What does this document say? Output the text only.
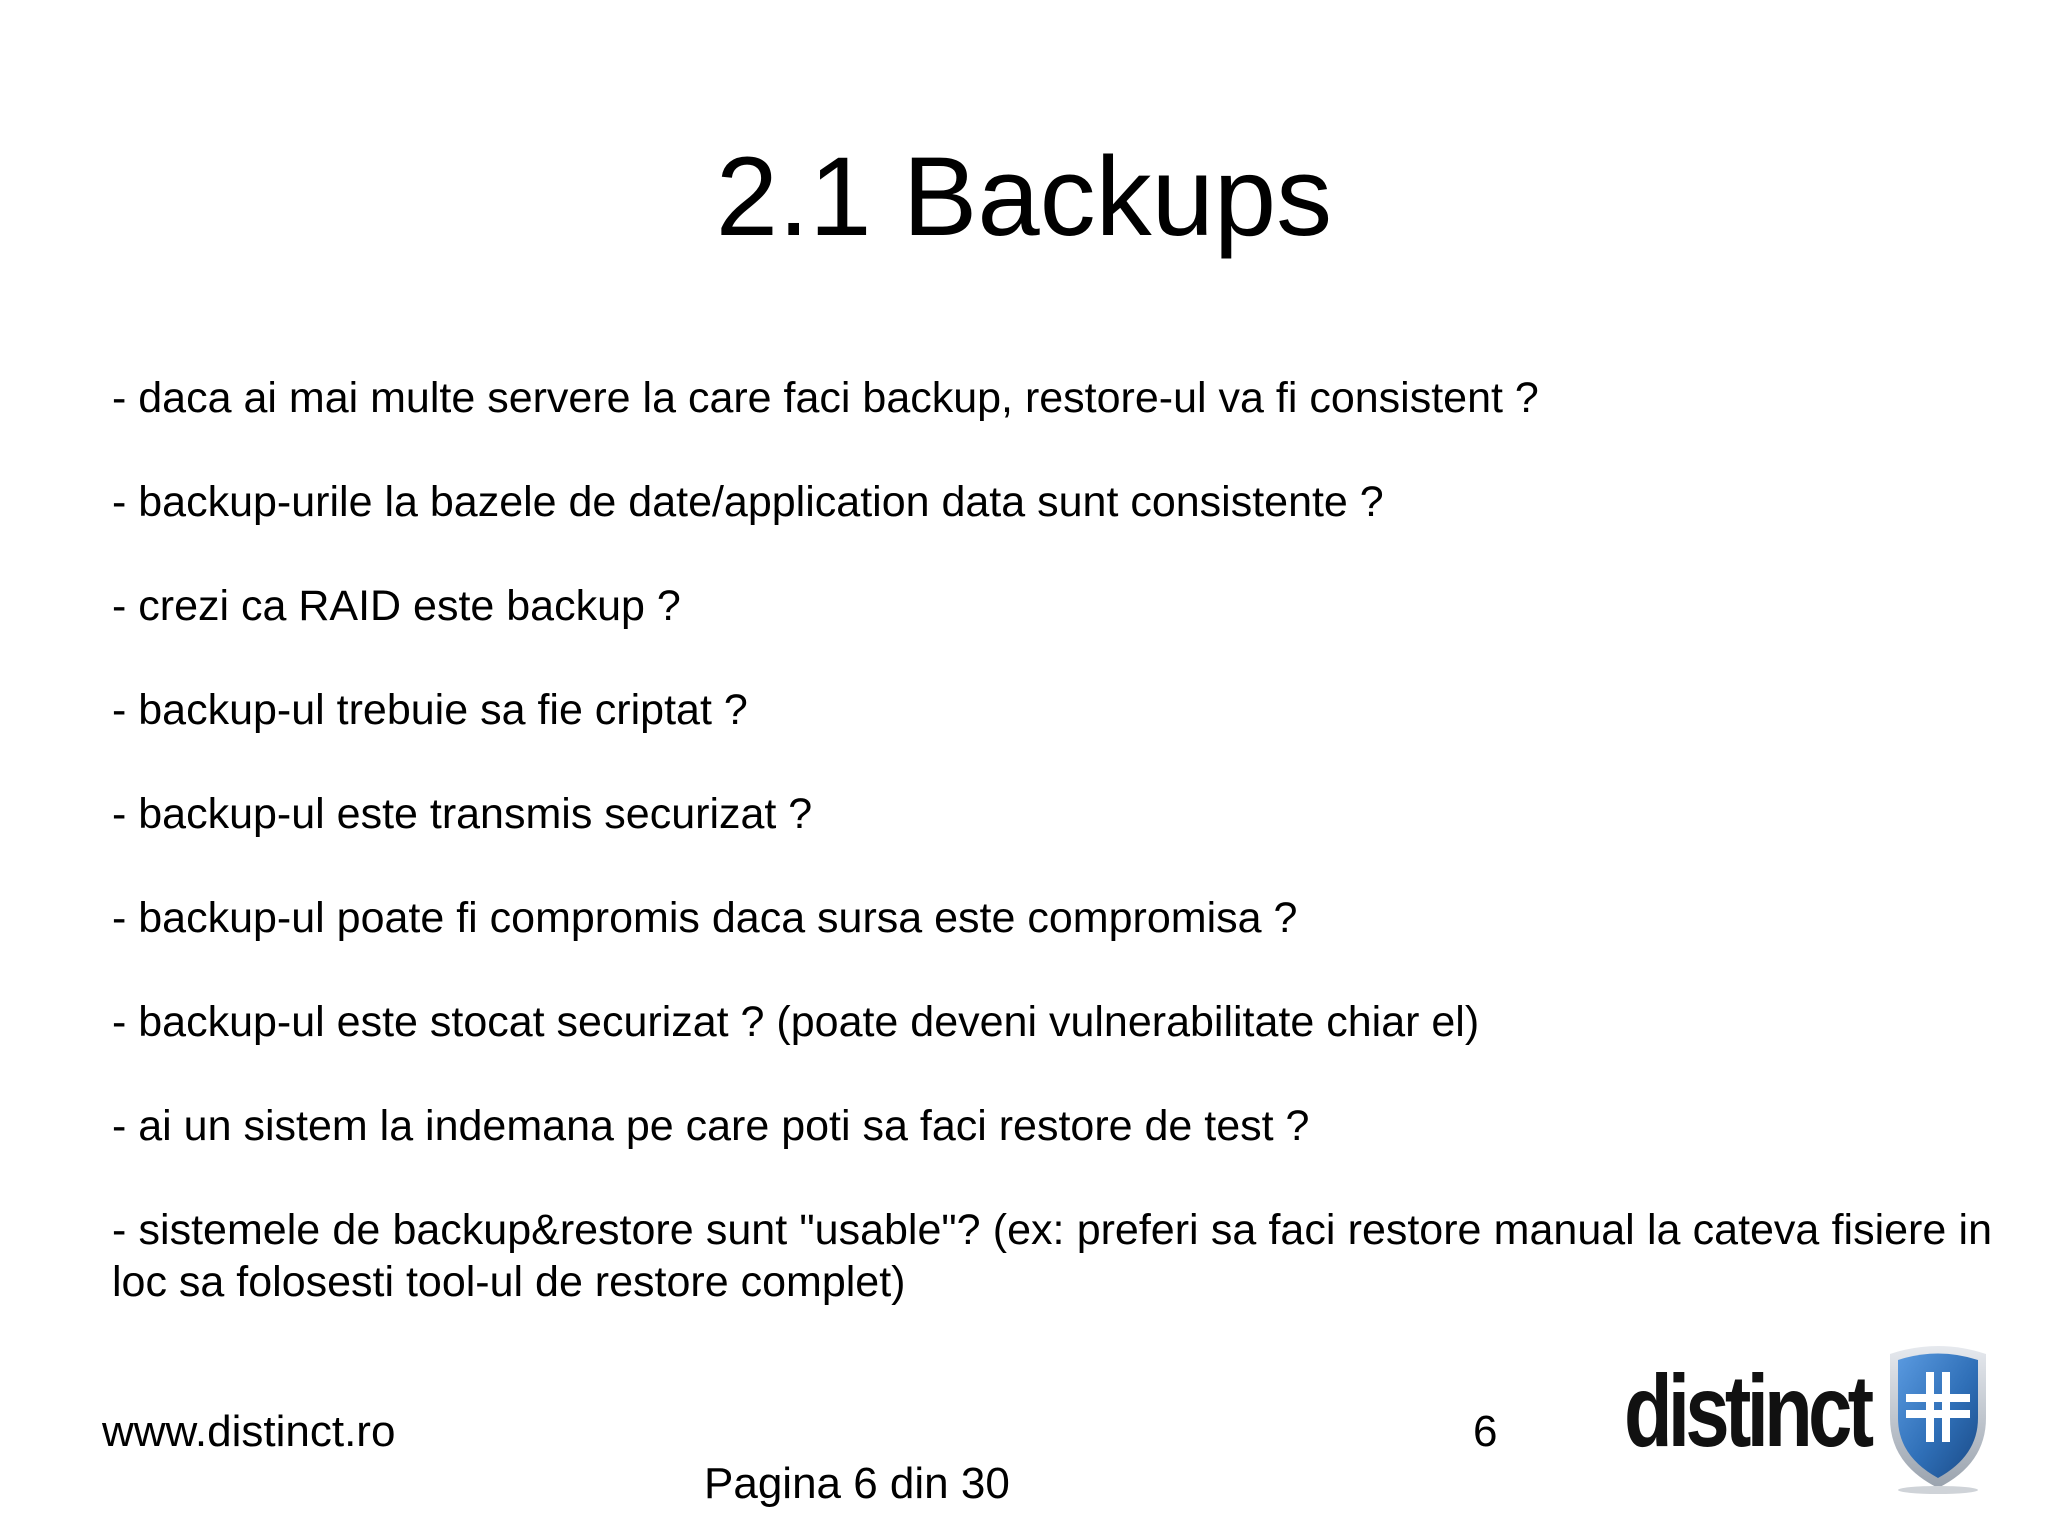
2.1 Backups
- daca ai mai multe servere la care faci backup, restore-ul va fi consistent ?
- backup-urile la bazele de date/application data sunt consistente ?
- crezi ca RAID este backup ?
- backup-ul trebuie sa fie criptat ?
- backup-ul este transmis securizat ?
- backup-ul poate fi compromis daca sursa este compromisa ?
- backup-ul este stocat securizat ? (poate deveni vulnerabilitate chiar el)
- ai un sistem la indemana pe care poti sa faci restore de test ?
- sistemele de backup&restore sunt "usable"? (ex: preferi sa faci restore manual la cateva fisiere in loc sa folosesti tool-ul de restore complet)
www.distinct.ro	6
Pagina 6 din 30
distinct
